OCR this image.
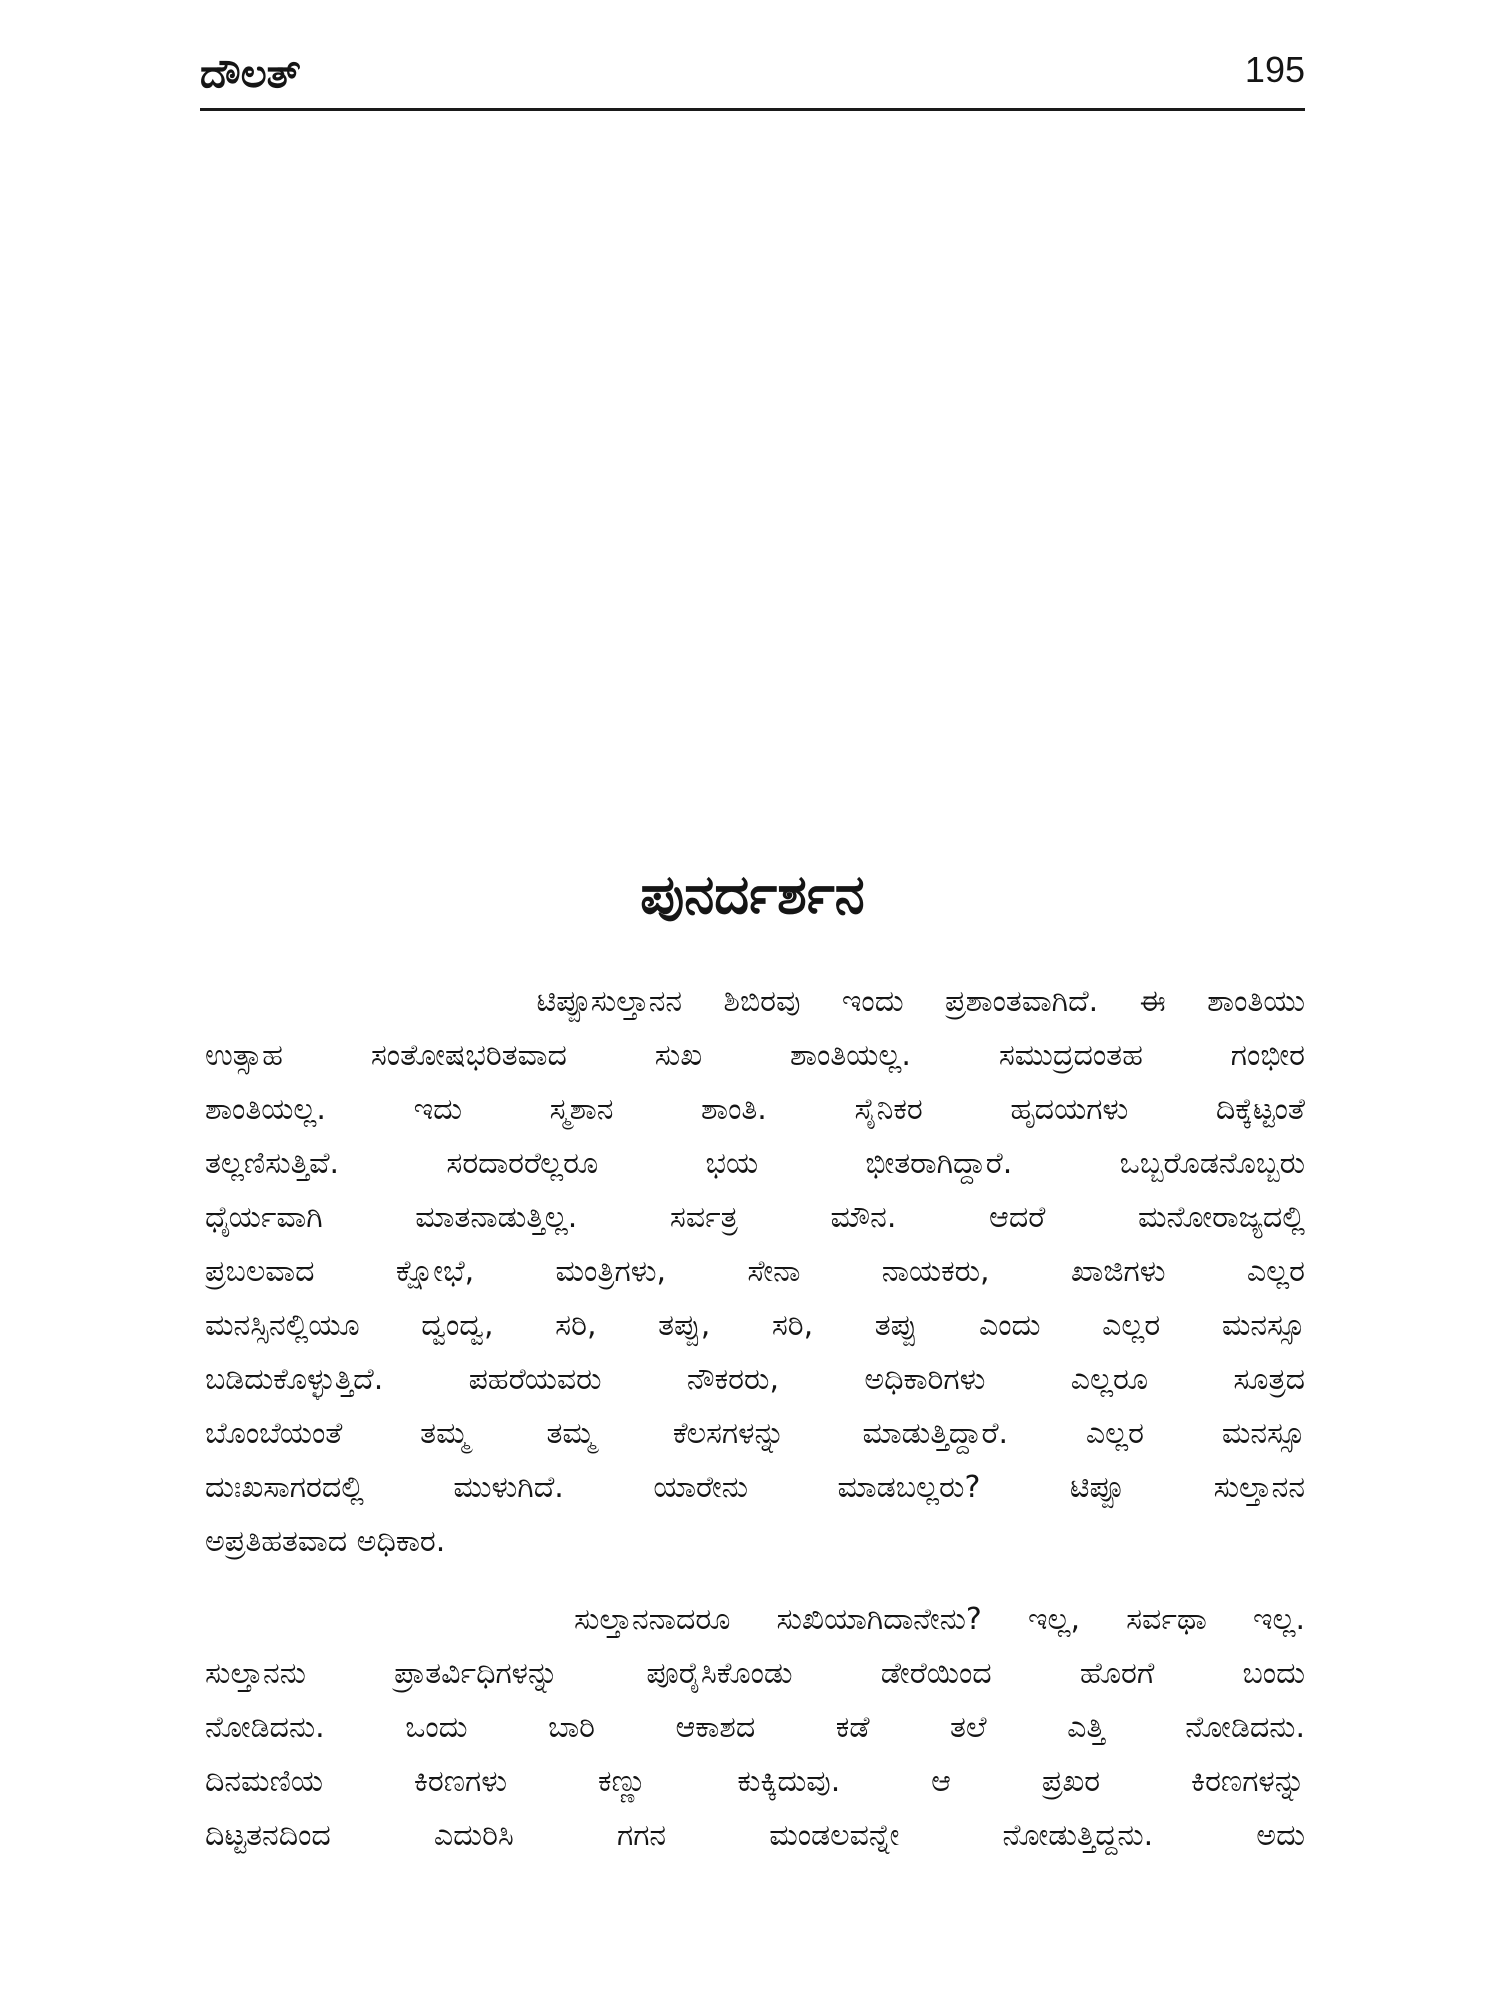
ದೌಲತ್	195
ಪುನರ್ದರ್ಶನ
ಟಿಪ್ಪೂಸುಲ್ತಾನನ ಶಿಬಿರವು ಇಂದು ಪ್ರಶಾಂತವಾಗಿದೆ. ಈ ಶಾಂತಿಯು
ಉತ್ಸಾಹ ಸಂತೋಷಭರಿತವಾದ ಸುಖ ಶಾಂತಿಯಲ್ಲ. ಸಮುದ್ರದಂತಹ ಗಂಭೀರ
ಶಾಂತಿಯಲ್ಲ. ಇದು ಸ್ಮಶಾನ ಶಾಂತಿ. ಸೈನಿಕರ ಹೃದಯಗಳು ದಿಕ್ಕೆಟ್ಟಂತೆ
ತಲ್ಲಣಿಸುತ್ತಿವೆ. ಸರದಾರರೆಲ್ಲರೂ ಭಯ ಭೀತರಾಗಿದ್ದಾರೆ. ಒಬ್ಬರೊಡನೊಬ್ಬರು
ಧೈರ್ಯವಾಗಿ ಮಾತನಾಡುತ್ತಿಲ್ಲ. ಸರ್ವತ್ರ ಮೌನ. ಆದರೆ ಮನೋರಾಜ್ಯದಲ್ಲಿ
ಪ್ರಬಲವಾದ ಕ್ಷೋಭೆ, ಮಂತ್ರಿಗಳು, ಸೇನಾ ನಾಯಕರು, ಖಾಜಿಗಳು ಎಲ್ಲರ
ಮನಸ್ಸಿನಲ್ಲಿಯೂ ದ್ವಂದ್ವ, ಸರಿ, ತಪ್ಪು, ಸರಿ, ತಪ್ಪು ಎಂದು ಎಲ್ಲರ ಮನಸ್ಸೂ
ಬಡಿದುಕೊಳ್ಳುತ್ತಿದೆ. ಪಹರೆಯವರು ನೌಕರರು, ಅಧಿಕಾರಿಗಳು ಎಲ್ಲರೂ ಸೂತ್ರದ
ಬೊಂಬೆಯಂತೆ ತಮ್ಮ ತಮ್ಮ ಕೆಲಸಗಳನ್ನು ಮಾಡುತ್ತಿದ್ದಾರೆ. ಎಲ್ಲರ ಮನಸ್ಸೂ
ದುಃಖಸಾಗರದಲ್ಲಿ ಮುಳುಗಿದೆ. ಯಾರೇನು ಮಾಡಬಲ್ಲರು? ಟಿಪ್ಪೂ ಸುಲ್ತಾನನ
ಅಪ್ರತಿಹತವಾದ ಅಧಿಕಾರ.
ಸುಲ್ತಾನನಾದರೂ ಸುಖಿಯಾಗಿದಾನೇನು? ಇಲ್ಲ, ಸರ್ವಥಾ ಇಲ್ಲ.
ಸುಲ್ತಾನನು ಪ್ರಾತರ್ವಿಧಿಗಳನ್ನು ಪೂರೈಸಿಕೊಂಡು ಡೇರೆಯಿಂದ ಹೊರಗೆ ಬಂದು
ನೋಡಿದನು. ಒಂದು ಬಾರಿ ಆಕಾಶದ ಕಡೆ ತಲೆ ಎತ್ತಿ ನೋಡಿದನು.
ದಿನಮಣಿಯ ಕಿರಣಗಳು ಕಣ್ಣು ಕುಕ್ಕಿದುವು. ಆ ಪ್ರಖರ ಕಿರಣಗಳನ್ನು
ದಿಟ್ಟತನದಿಂದ ಎದುರಿಸಿ ಗಗನ ಮಂಡಲವನ್ನೇ ನೋಡುತ್ತಿದ್ದನು. ಅದು
